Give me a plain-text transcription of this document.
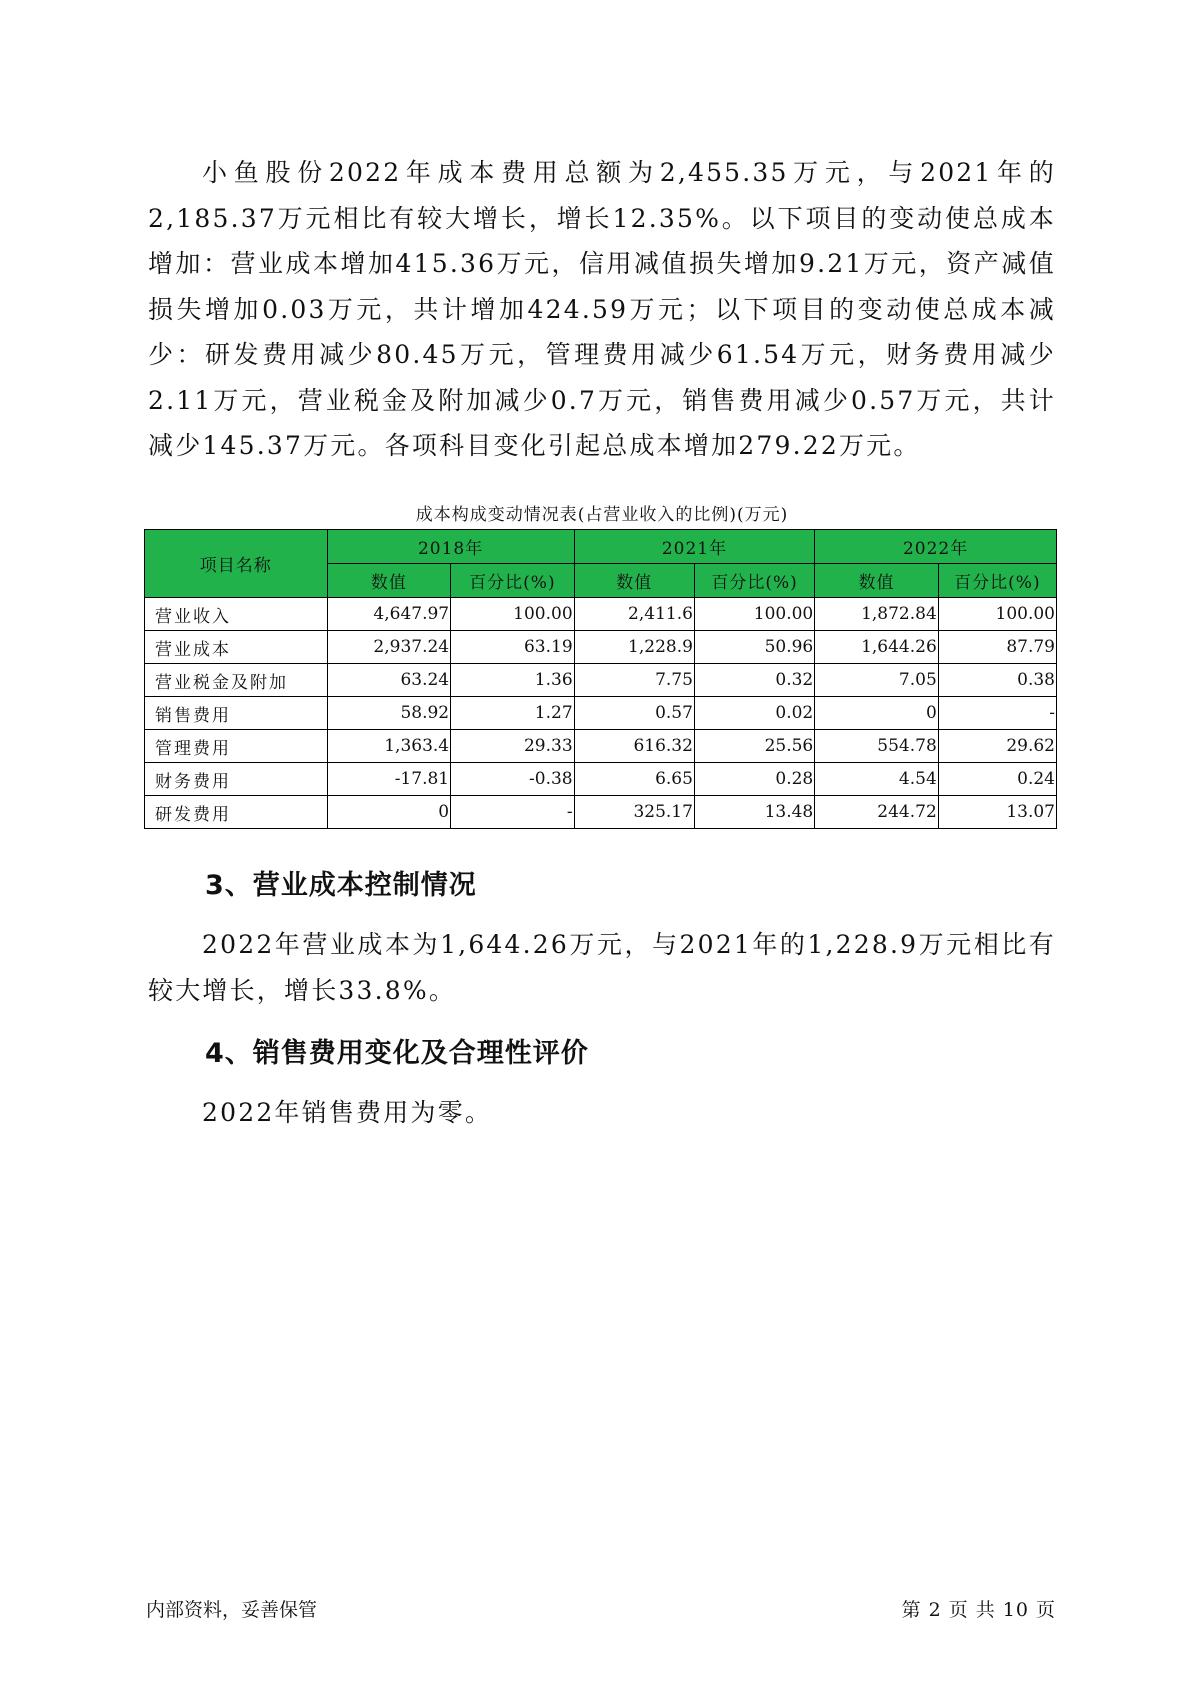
小鱼股份2022年成本费用总额为2,455.35万元，与2021年的2,185.37万元相比有较大增长，增长12.35%。以下项目的变动使总成本增加：营业成本增加415.36万元，信用减值损失增加9.21万元，资产减值损失增加0.03万元，共计增加424.59万元；以下项目的变动使总成本减少：研发费用减少80.45万元，管理费用减少61.54万元，财务费用减少2.11万元，营业税金及附加减少0.7万元，销售费用减少0.57万元，共计减少145.37万元。各项科目变化引起总成本增加279.22万元。

成本构成变动情况表(占营业收入的比例)(万元)

项目名称	2018年		2021年		2022年	
	数值	百分比(%)	数值	百分比(%)	数值	百分比(%)
营业收入	4,647.97	100.00	2,411.6	100.00	1,872.84	100.00
营业成本	2,937.24	63.19	1,228.9	50.96	1,644.26	87.79
营业税金及附加	63.24	1.36	7.75	0.32	7.05	0.38
销售费用	58.92	1.27	0.57	0.02	0	-
管理费用	1,363.4	29.33	616.32	25.56	554.78	29.62
财务费用	-17.81	-0.38	6.65	0.28	4.54	0.24
研发费用	0	-	325.17	13.48	244.72	13.07
3、营业成本控制情况

2022年营业成本为1,644.26万元，与2021年的1,228.9万元相比有较大增长，增长33.8%。

4、销售费用变化及合理性评价

2022年销售费用为零。

内部资料，妥善保管	第 2 页 共 10 页
